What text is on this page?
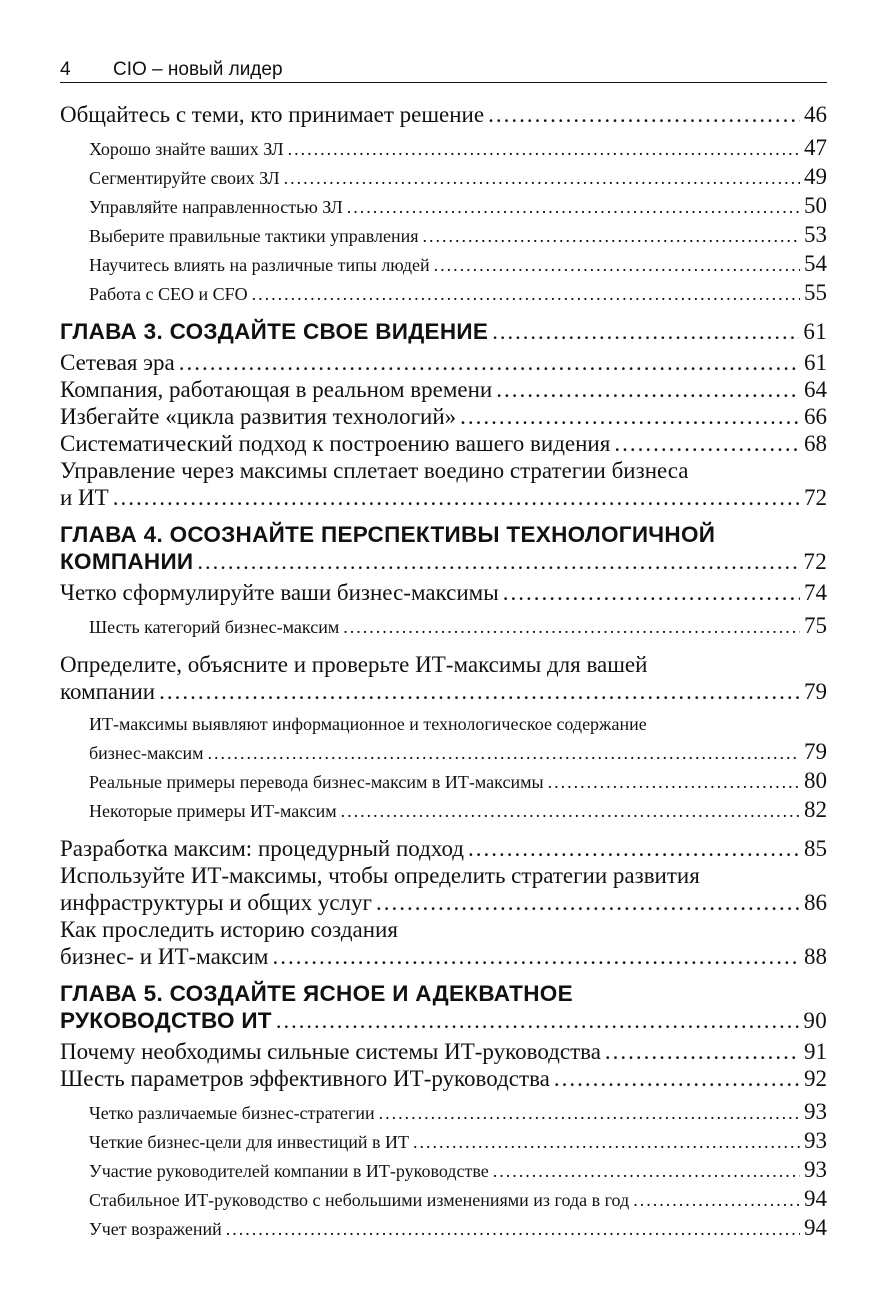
4 CIO – новый лидер
Общайтесь с теми, кто принимает решение .....	46
Хорошо знайте ваших ЗЛ .....	47
Сегментируйте своих ЗЛ .....	49
Управляйте направленностью ЗЛ .....	50
Выберите правильные тактики управления .....	53
Научитесь влиять на различные типы людей .....	54
Работа с CEO и CFO .....	55
ГЛАВА 3. СОЗДАЙТЕ СВОЕ ВИДЕНИЕ .....	61
Сетевая эра .....	61
Компания, работающая в реальном времени .....	64
Избегайте «цикла развития технологий» .....	66
Систематический подход к построению вашего видения .....	68
Управление через максимы сплетает воедино стратегии бизнеса
и ИТ .....	72
ГЛАВА 4. ОСОЗНАЙТЕ ПЕРСПЕКТИВЫ ТЕХНОЛОГИЧНОЙ
КОМПАНИИ .....	72
Четко сформулируйте ваши бизнес-максимы .....	74
Шесть категорий бизнес-максим .....	75
Определите, объясните и проверьте ИТ-максимы для вашей
компании .....	79
ИТ-максимы выявляют информационное и технологическое содержание
бизнес-максим .....	79
Реальные примеры перевода бизнес-максим в ИТ-максимы .....	80
Некоторые примеры ИТ-максим .....	82
Разработка максим: процедурный подход .....	85
Используйте ИТ-максимы, чтобы определить стратегии развития
инфраструктуры и общих услуг .....	86
Как проследить историю создания
бизнес- и ИТ-максим .....	88
ГЛАВА 5. СОЗДАЙТЕ ЯСНОЕ И АДЕКВАТНОЕ
РУКОВОДСТВО ИТ .....	90
Почему необходимы сильные системы ИТ-руководства .....	91
Шесть параметров эффективного ИТ-руководства .....	92
Четко различаемые бизнес-стратегии .....	93
Четкие бизнес-цели для инвестиций в ИТ .....	93
Участие руководителей компании в ИТ-руководстве .....	93
Стабильное ИТ-руководство с небольшими изменениями из года в год .....	94
Учет возражений .....	94
